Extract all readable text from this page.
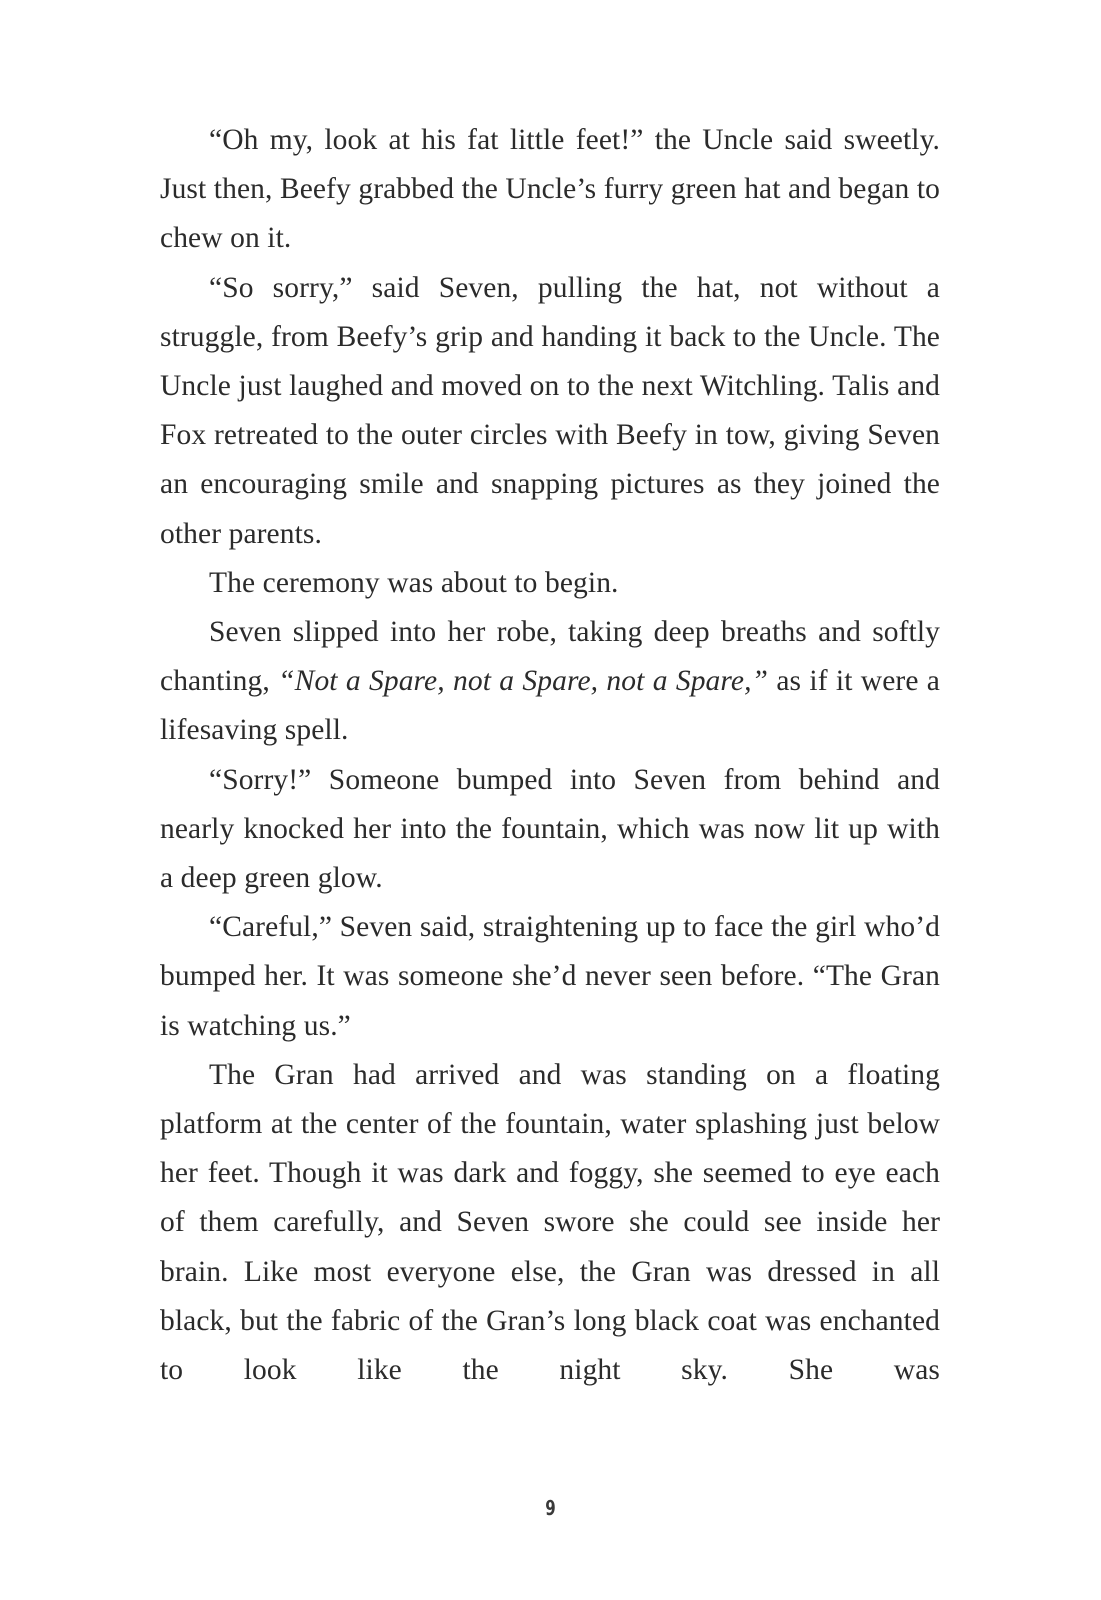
“Oh my, look at his fat little feet!” the Uncle said sweetly. Just then, Beefy grabbed the Uncle’s furry green hat and began to chew on it.

“So sorry,” said Seven, pulling the hat, not without a struggle, from Beefy’s grip and handing it back to the Uncle. The Uncle just laughed and moved on to the next Witchling. Talis and Fox retreated to the outer circles with Beefy in tow, giving Seven an encouraging smile and snapping pictures as they joined the other parents.

The ceremony was about to begin.

Seven slipped into her robe, taking deep breaths and softly chanting, “Not a Spare, not a Spare, not a Spare,” as if it were a lifesaving spell.

“Sorry!” Someone bumped into Seven from behind and nearly knocked her into the fountain, which was now lit up with a deep green glow.

“Careful,” Seven said, straightening up to face the girl who’d bumped her. It was someone she’d never seen before. “The Gran is watching us.”

The Gran had arrived and was standing on a floating platform at the center of the fountain, water splashing just below her feet. Though it was dark and foggy, she seemed to eye each of them carefully, and Seven swore she could see inside her brain. Like most everyone else, the Gran was dressed in all black, but the fabric of the Gran’s long black coat was enchanted to look like the night sky. She was

9
